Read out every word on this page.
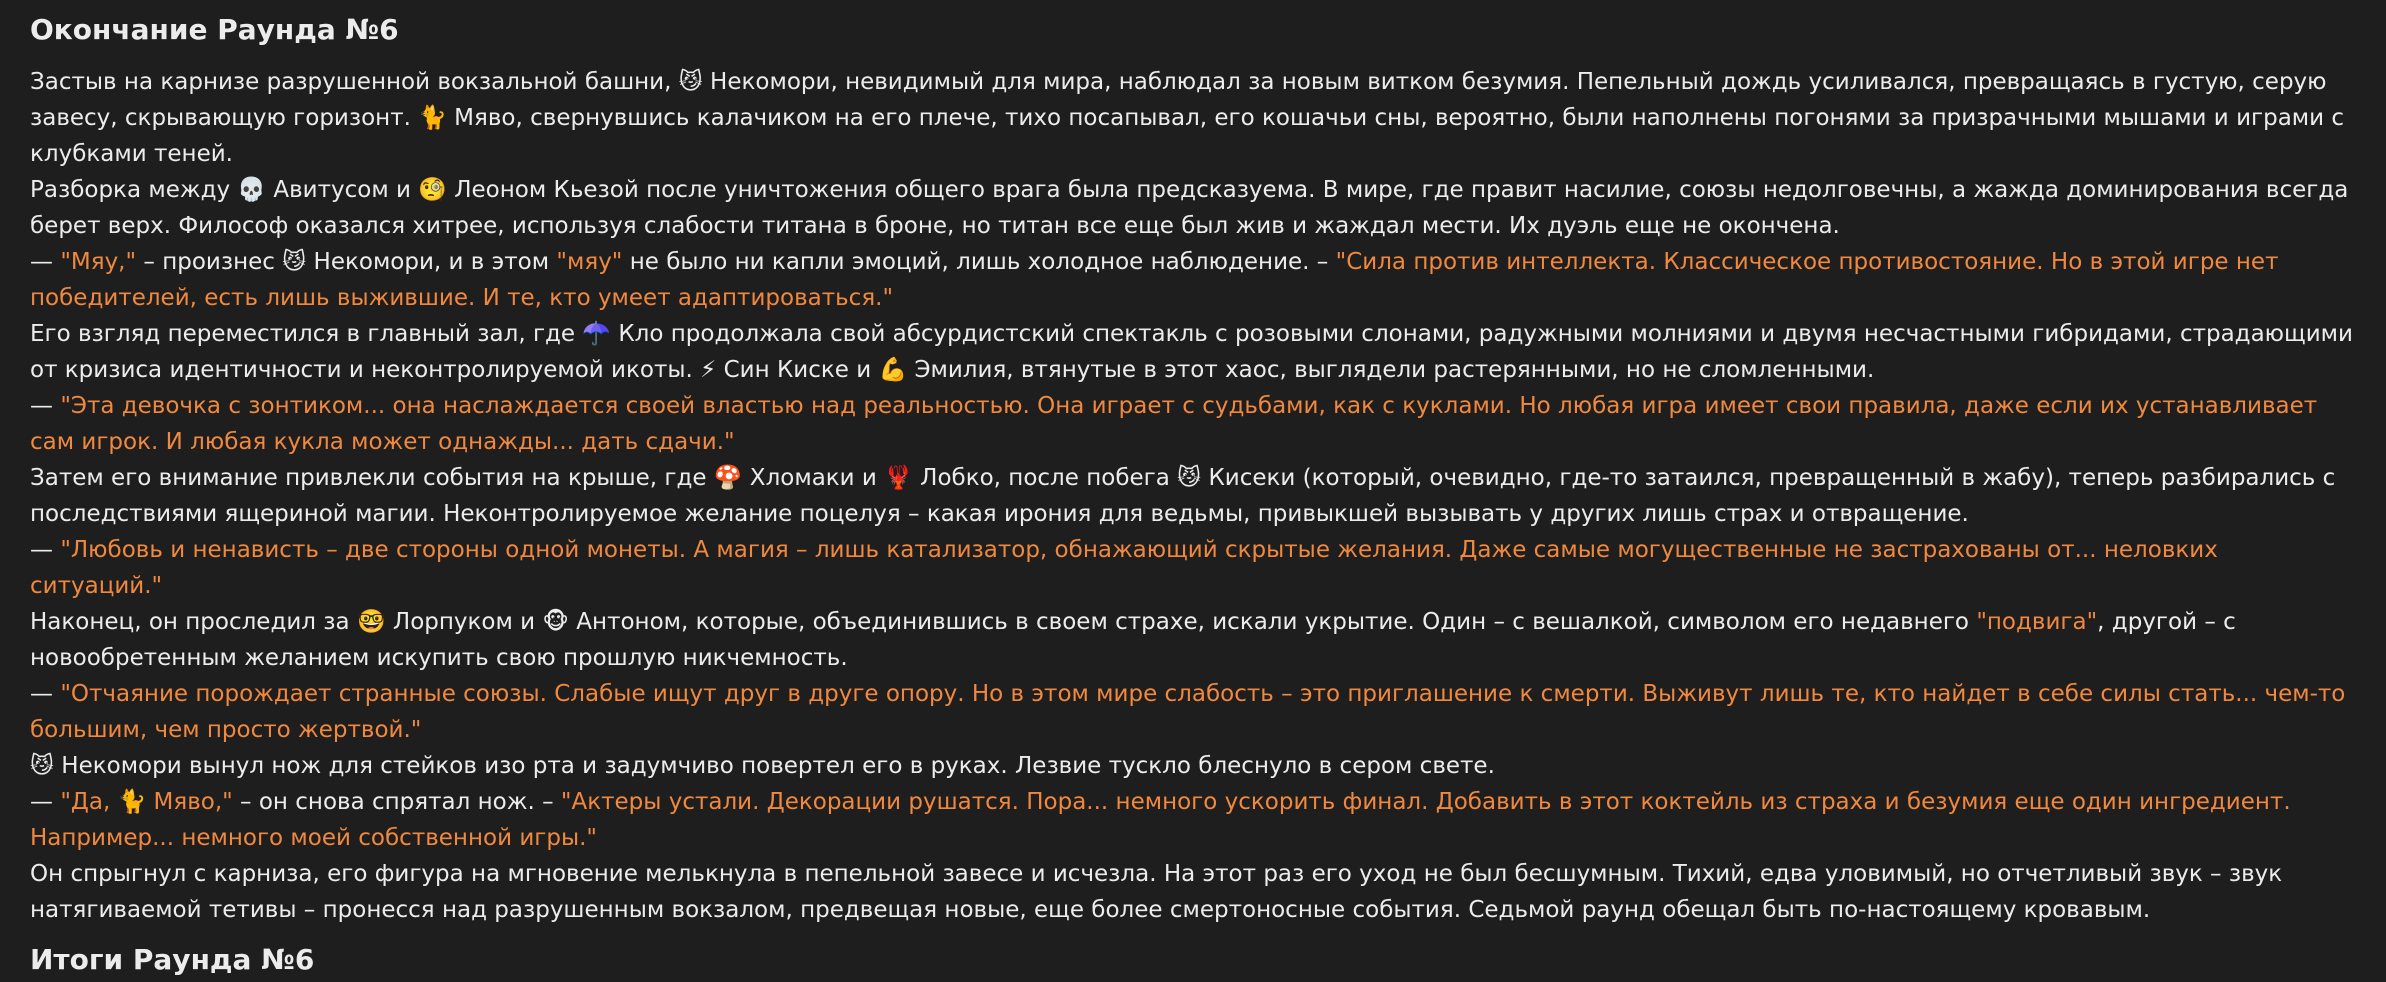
Окончание Раунда №6

Застыв на карнизе разрушенной вокзальной башни, 😼 Некомори, невидимый для мира, наблюдал за новым витком безумия. Пепельный дождь усиливался, превращаясь в густую, серую завесу, скрывающую горизонт. 🐈 Мяво, свернувшись калачиком на его плече, тихо посапывал, его кошачьи сны, вероятно, были наполнены погонями за призрачными мышами и играми с клубками теней.

Разборка между 💀 Авитусом и 🧐 Леоном Кьезой после уничтожения общего врага была предсказуема. В мире, где правит насилие, союзы недолговечны, а жажда доминирования всегда берет верх. Философ оказался хитрее, используя слабости титана в броне, но титан все еще был жив и жаждал мести. Их дуэль еще не окончена.

— "Мяу," – произнес 😼 Некомори, и в этом "мяу" не было ни капли эмоций, лишь холодное наблюдение. – "Сила против интеллекта. Классическое противостояние. Но в этой игре нет победителей, есть лишь выжившие. И те, кто умеет адаптироваться."

Его взгляд переместился в главный зал, где ☂️ Кло продолжала свой абсурдистский спектакль с розовыми слонами, радужными молниями и двумя несчастными гибридами, страдающими от кризиса идентичности и неконтролируемой икоты. ⚡ Син Киске и 💪 Эмилия, втянутые в этот хаос, выглядели растерянными, но не сломленными.

— "Эта девочка с зонтиком... она наслаждается своей властью над реальностью. Она играет с судьбами, как с куклами. Но любая игра имеет свои правила, даже если их устанавливает сам игрок. И любая кукла может однажды... дать сдачи."

Затем его внимание привлекли события на крыше, где 🍄 Хломаки и 🦞 Лобко, после побега 😼 Кисеки (который, очевидно, где-то затаился, превращенный в жабу), теперь разбирались с последствиями ящериной магии. Неконтролируемое желание поцелуя – какая ирония для ведьмы, привыкшей вызывать у других лишь страх и отвращение.

— "Любовь и ненависть – две стороны одной монеты. А магия – лишь катализатор, обнажающий скрытые желания. Даже самые могущественные не застрахованы от... неловких ситуаций."

Наконец, он проследил за 🤓 Лорпуком и 🐵 Антоном, которые, объединившись в своем страхе, искали укрытие. Один – с вешалкой, символом его недавнего "подвига", другой – с новообретенным желанием искупить свою прошлую никчемность.

— "Отчаяние порождает странные союзы. Слабые ищут друг в друге опору. Но в этом мире слабость – это приглашение к смерти. Выживут лишь те, кто найдет в себе силы стать... чем-то большим, чем просто жертвой."

😼 Некомори вынул нож для стейков изо рта и задумчиво повертел его в руках. Лезвие тускло блеснуло в сером свете.

— "Да, 🐈 Мяво," – он снова спрятал нож. – "Актеры устали. Декорации рушатся. Пора... немного ускорить финал. Добавить в этот коктейль из страха и безумия еще один ингредиент. Например... немного моей собственной игры."

Он спрыгнул с карниза, его фигура на мгновение мелькнула в пепельной завесе и исчезла. На этот раз его уход не был бесшумным. Тихий, едва уловимый, но отчетливый звук – звук натягиваемой тетивы – пронесся над разрушенным вокзалом, предвещая новые, еще более смертоносные события. Седьмой раунд обещал быть по-настоящему кровавым.

Итоги Раунда №6
